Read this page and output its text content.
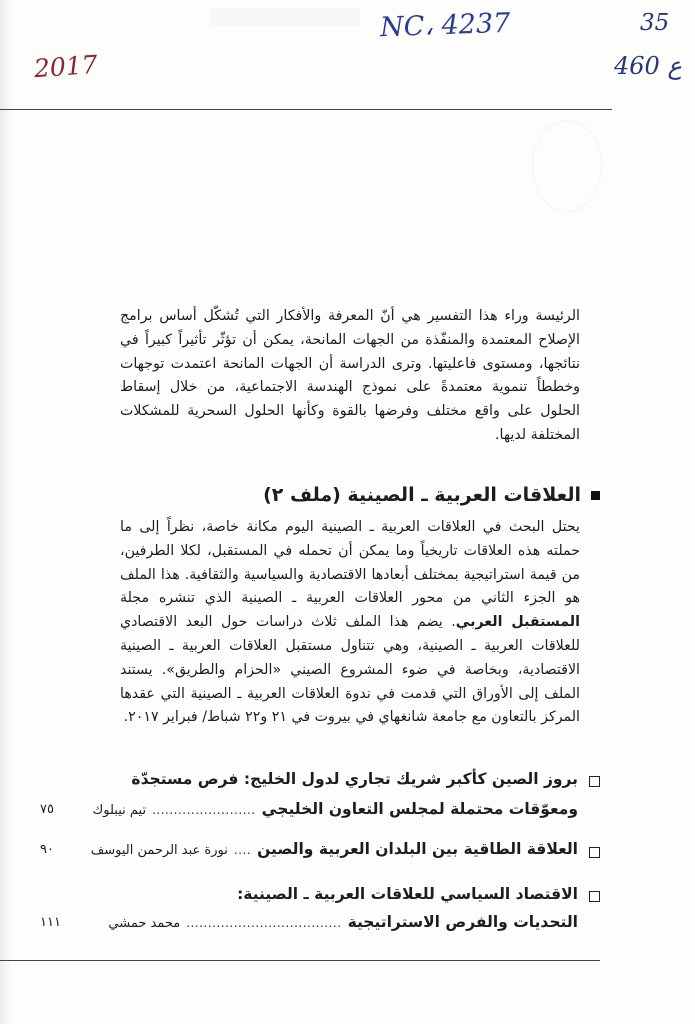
NC، 4237
2017
35
460 ع
الرئيسة وراء هذا التفسير هي أنّ المعرفة والأفكار التي تُشكّل أساس برامج الإصلاح المعتمدة والمنفّذة من الجهات المانحة، يمكن أن تؤثّر تأثيراً كبيراً في نتائجها، ومستوى فاعليتها. وترى الدراسة أن الجهات المانحة اعتمدت توجهات وخططاً تنموية معتمدةً على نموذج الهندسة الاجتماعية، من خلال إسقاط الحلول على واقع مختلف وفرضها بالقوة وكأنها الحلول السحرية للمشكلات المختلفة لديها.
العلاقات العربية ـ الصينية (ملف ٢)
يحتل البحث في العلاقات العربية ـ الصينية اليوم مكانة خاصة، نظراً إلى ما حملته هذه العلاقات تاريخياً وما يمكن أن تحمله في المستقبل، لكلا الطرفين، من قيمة استراتيجية بمختلف أبعادها الاقتصادية والسياسية والثقافية. هذا الملف هو الجزء الثاني من محور العلاقات العربية ـ الصينية الذي تنشره مجلة المستقبل العربي. يضم هذا الملف ثلاث دراسات حول البعد الاقتصادي للعلاقات العربية ـ الصينية، وهي تتناول مستقبل العلاقات العربية ـ الصينية الاقتصادية، وبخاصة في ضوء المشروع الصيني «الحزام والطريق». يستند الملف إلى الأوراق التي قدمت في ندوة العلاقات العربية ـ الصينية التي عقدها المركز بالتعاون مع جامعة شانغهاي في بيروت في ٢١ و٢٢ شباط/ فبراير ٢٠١٧.
بروز الصين كأكبر شريك تجاري لدول الخليج: فرص مستجدّة
ومعوّقات محتملة لمجلس التعاون الخليجي
........................
تيم نيبلوك
٧٥
العلاقة الطاقية بين البلدان العربية والصين
....
نورة عبد الرحمن اليوسف
٩٠
الاقتصاد السياسي للعلاقات العربية ـ الصينية:
التحديات والفرص الاستراتيجية
....................................
محمد حمشي
١١١
